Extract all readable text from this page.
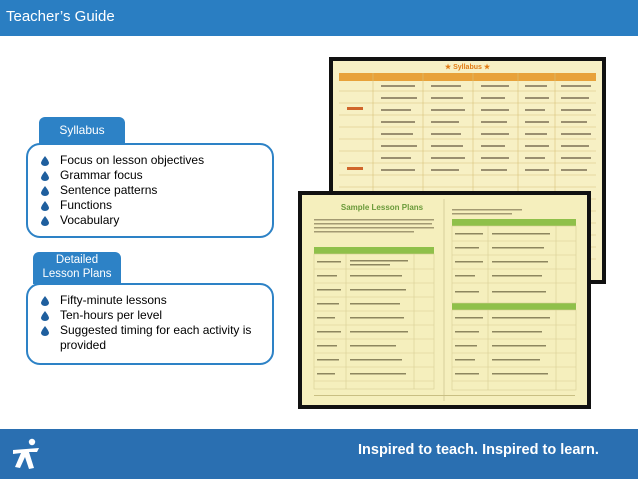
Teacher’s Guide
Syllabus
Focus on lesson objectives
Grammar focus
Sentence patterns
Functions
Vocabulary
Detailed
Lesson Plans
Fifty-minute lessons
Ten-hours per level
Suggested timing for each activity is
provided
★ Syllabus ★
Sample Lesson Plans
Inspired to teach. Inspired to learn.
